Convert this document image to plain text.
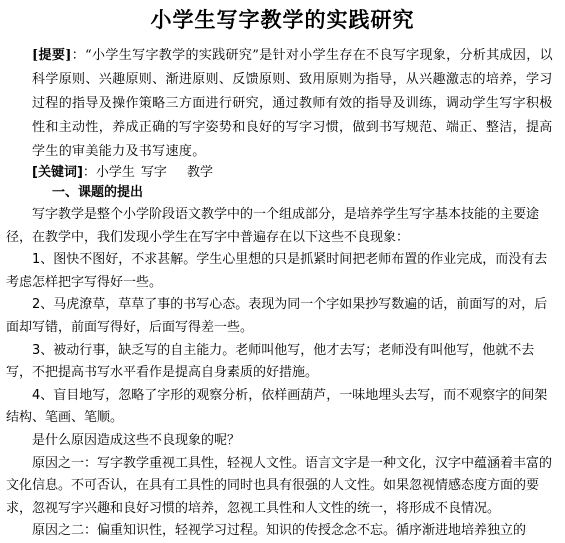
小学生写字教学的实践研究
[提要]：“小学生写字教学的实践研究”是针对小学生存在不良写字现象，分析其成因，以科学原则、兴趣原则、渐进原则、反馈原则、致用原则为指导，从兴趣激志的培养，学习过程的指导及操作策略三方面进行研究，通过教师有效的指导及训练，调动学生写字积极性和主动性，养成正确的写字姿势和良好的写字习惯，做到书写规范、端正、整洁，提高学生的审美能力及书写速度。
[关键词]：小学生 写字 教学
一、课题的提出

写字教学是整个小学阶段语文教学中的一个组成部分，是培养学生写字基本技能的主要途径，在教学中，我们发现小学生在写字中普遍存在以下这些不良现象：

1、图快不图好，不求甚解。学生心里想的只是抓紧时间把老师布置的作业完成，而没有去考虑怎样把字写得好一些。

2、马虎潦草，草草了事的书写心态。表现为同一个字如果抄写数遍的话，前面写的对，后面却写错，前面写得好，后面写得差一些。

3、被动行事，缺乏写的自主能力。老师叫他写，他才去写；老师没有叫他写，他就不去写，不把提高书写水平看作是提高自身素质的好措施。

4、盲目地写，忽略了字形的观察分析，依样画葫芦，一味地埋头去写，而不观察字的间架结构、笔画、笔顺。

是什么原因造成这些不良现象的呢？

原因之一：写字教学重视工具性，轻视人文性。语言文字是一种文化，汉字中蕴涵着丰富的文化信息。不可否认，在具有工具性的同时也具有很强的人文性。如果忽视情感态度方面的要求，忽视写字兴趣和良好习惯的培养，忽视工具性和人文性的统一，将形成不良情况。

原因之二：偏重知识性，轻视学习过程。知识的传授念念不忘。循序渐进地培养独立的
